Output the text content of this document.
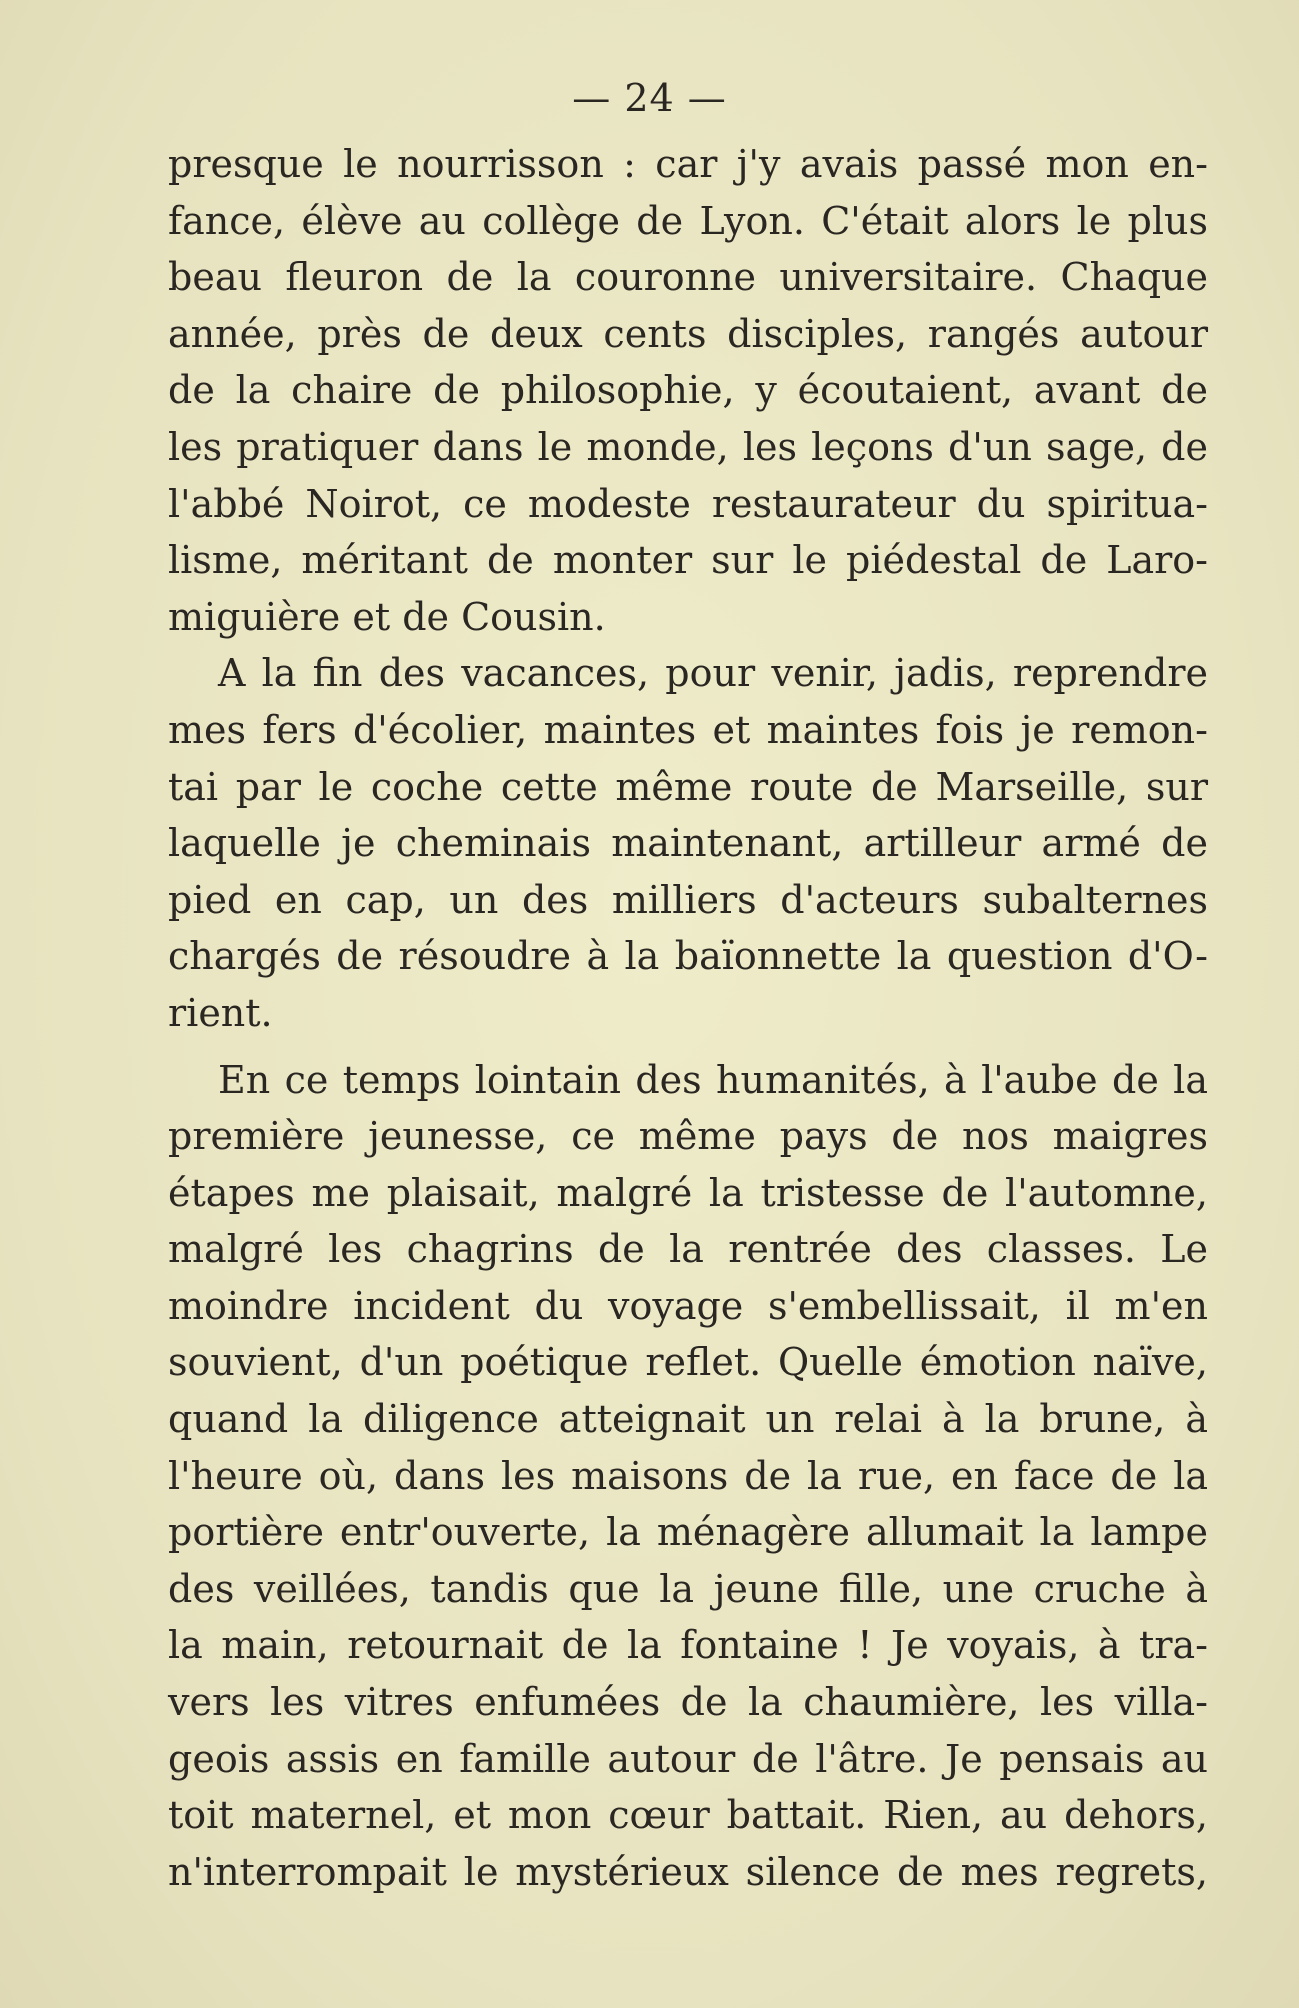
— 24 —
presque le nourrisson : car j'y avais passé mon en-
fance, élève au collège de Lyon. C'était alors le plus
beau fleuron de la couronne universitaire. Chaque
année, près de deux cents disciples, rangés autour
de la chaire de philosophie, y écoutaient, avant de
les pratiquer dans le monde, les leçons d'un sage, de
l'abbé Noirot, ce modeste restaurateur du spiritua-
lisme, méritant de monter sur le piédestal de Laro-
miguière et de Cousin.
A la fin des vacances, pour venir, jadis, reprendre
mes fers d'écolier, maintes et maintes fois je remon-
tai par le coche cette même route de Marseille, sur
laquelle je cheminais maintenant, artilleur armé de
pied en cap, un des milliers d'acteurs subalternes
chargés de résoudre à la baïonnette la question d'O-
rient.
En ce temps lointain des humanités, à l'aube de la
première jeunesse, ce même pays de nos maigres
étapes me plaisait, malgré la tristesse de l'automne,
malgré les chagrins de la rentrée des classes. Le
moindre incident du voyage s'embellissait, il m'en
souvient, d'un poétique reflet. Quelle émotion naïve,
quand la diligence atteignait un relai à la brune, à
l'heure où, dans les maisons de la rue, en face de la
portière entr'ouverte, la ménagère allumait la lampe
des veillées, tandis que la jeune fille, une cruche à
la main, retournait de la fontaine ! Je voyais, à tra-
vers les vitres enfumées de la chaumière, les villa-
geois assis en famille autour de l'âtre. Je pensais au
toit maternel, et mon cœur battait. Rien, au dehors,
n'interrompait le mystérieux silence de mes regrets,
